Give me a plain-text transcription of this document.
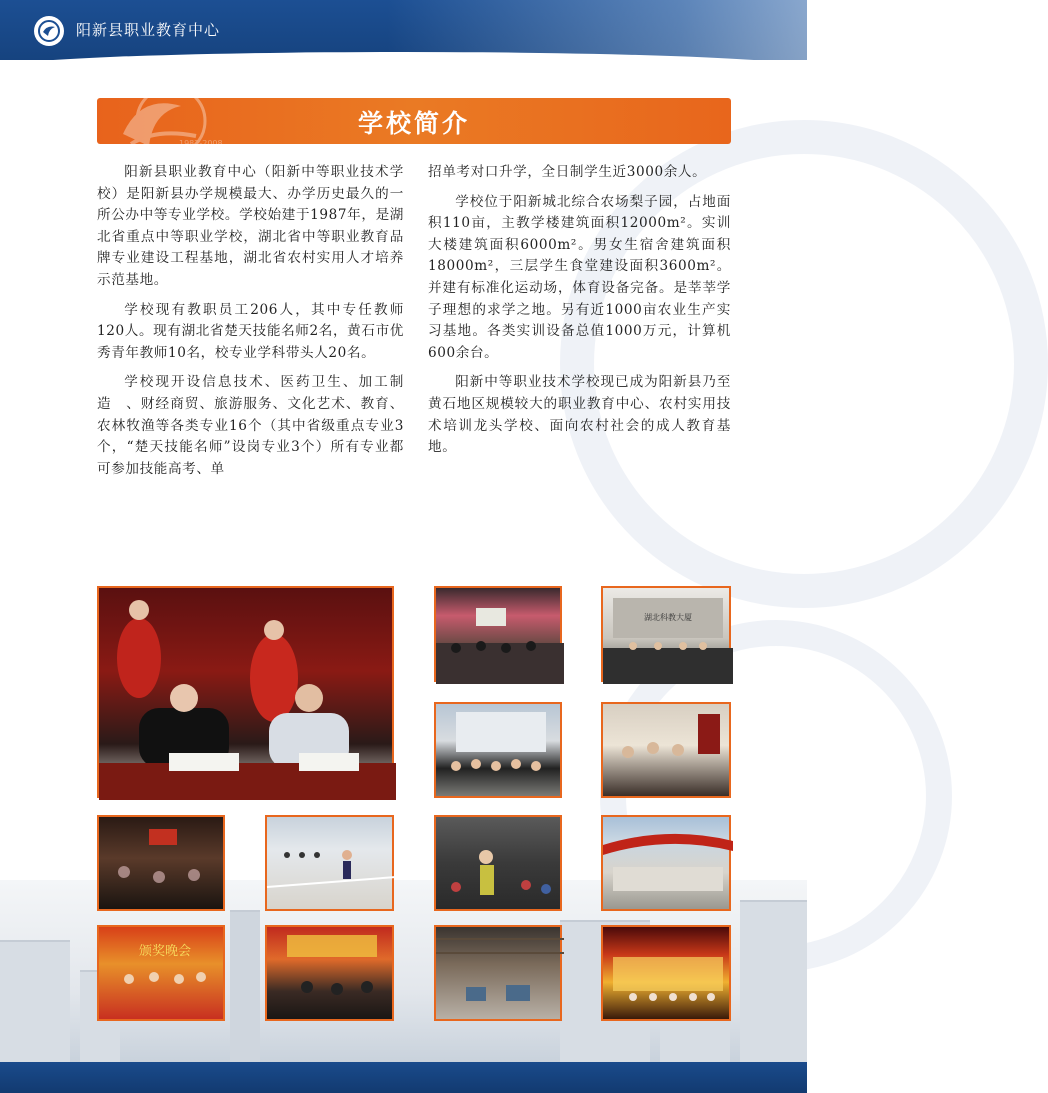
阳新县职业教育中心
1987-2008
学校简介

阳新县职业教育中心（阳新中等职业技术学校）是阳新县办学规模最大、办学历史最久的一所公办中等专业学校。学校始建于1987年，是湖北省重点中等职业学校，湖北省中等职业教育品牌专业建设工程基地，湖北省农村实用人才培养示范基地。

学校现有教职员工206人，其中专任教师120人。现有湖北省楚天技能名师2名，黄石市优秀青年教师10名，校专业学科带头人20名。

学校现开设信息技术、医药卫生、加工制造　、财经商贸、旅游服务、文化艺术、教育、农林牧渔等各类专业16个（其中省级重点专业3个，“楚天技能名师”设岗专业3个）所有专业都可参加技能高考、单

招单考对口升学，全日制学生近3000余人。

学校位于阳新城北综合农场梨子园，占地面积110亩，主教学楼建筑面积12000m²。实训大楼建筑面积6000m²。男女生宿舍建筑面积18000m²，三层学生食堂建设面积3600m²。并建有标准化运动场，体育设备完备。是莘莘学子理想的求学之地。另有近1000亩农业生产实习基地。各类实训设备总值1000万元，计算机600余台。

阳新中等职业技术学校现已成为阳新县乃至黄石地区规模较大的职业教育中心、农村实用技术培训龙头学校、面向农村社会的成人教育基地。

湖北科教大厦
颁奖晚会
